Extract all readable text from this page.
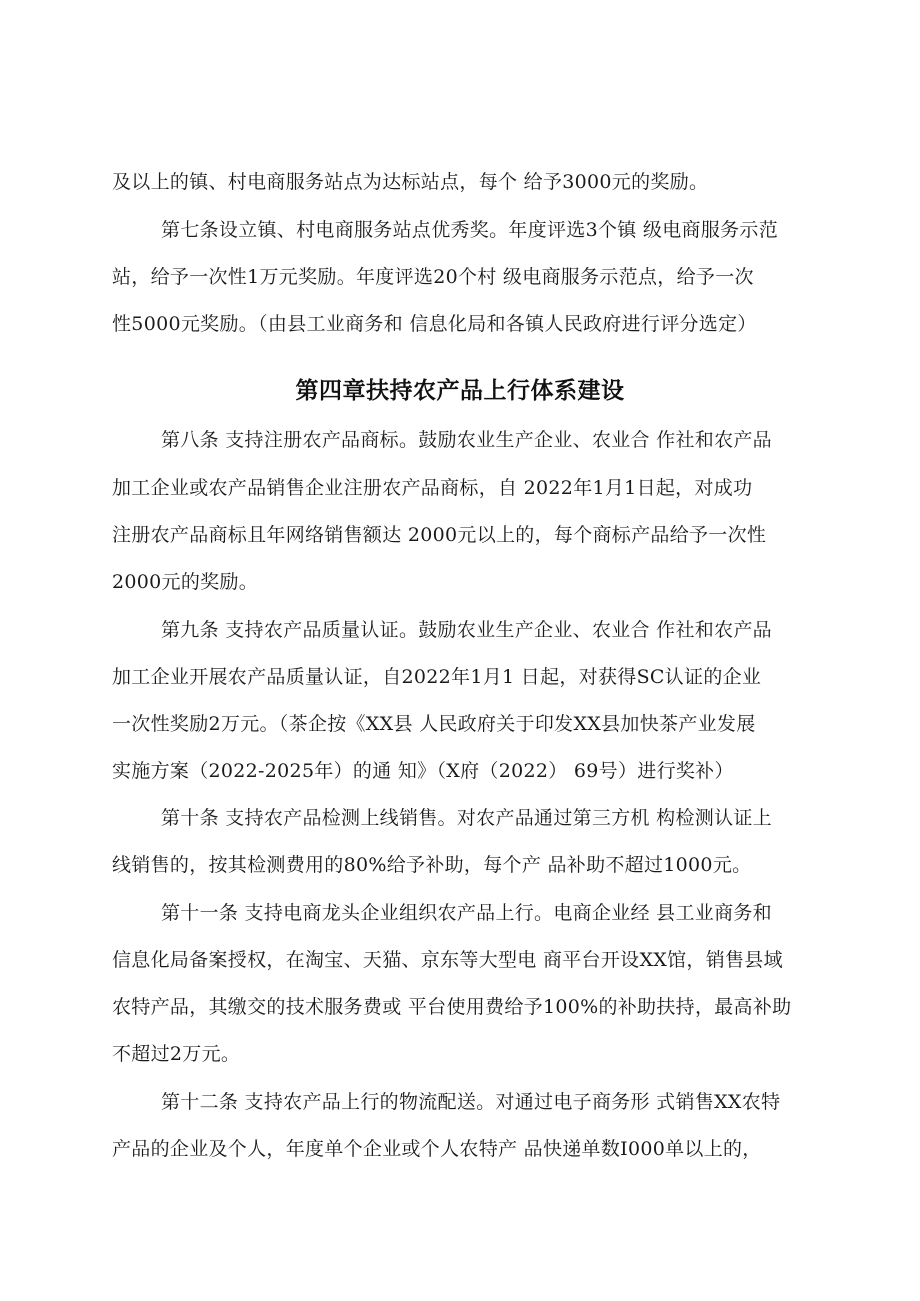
及以上的镇、村电商服务站点为达标站点，每个 给予3000元的奖励。
第七条设立镇、村电商服务站点优秀奖。年度评选3个镇 级电商服务示范
站，给予一次性1万元奖励。年度评选20个村 级电商服务示范点，给予一次
性5000元奖励。（由县工业商务和 信息化局和各镇人民政府进行评分选定）
第四章扶持农产品上行体系建设
第八条 支持注册农产品商标。鼓励农业生产企业、农业合 作社和农产品
加工企业或农产品销售企业注册农产品商标，自 2022年1月1日起，对成功
注册农产品商标且年网络销售额达 2000元以上的，每个商标产品给予一次性
2000元的奖励。
第九条 支持农产品质量认证。鼓励农业生产企业、农业合 作社和农产品
加工企业开展农产品质量认证，自2022年1月1 日起，对获得SC认证的企业
一次性奖励2万元。（茶企按《XX县 人民政府关于印发XX县加快茶产业发展
实施方案（2022-2025年）的通 知》（X府（2022） 69号）进行奖补）
第十条 支持农产品检测上线销售。对农产品通过第三方机 构检测认证上
线销售的，按其检测费用的80%给予补助，每个产 品补助不超过1000元。
第十一条 支持电商龙头企业组织农产品上行。电商企业经 县工业商务和
信息化局备案授权，在淘宝、天猫、京东等大型电 商平台开设XX馆，销售县域
农特产品，其缴交的技术服务费或 平台使用费给予100%的补助扶持，最高补助
不超过2万元。
第十二条 支持农产品上行的物流配送。对通过电子商务形 式销售XX农特
产品的企业及个人，年度单个企业或个人农特产 品快递单数I000单以上的，
